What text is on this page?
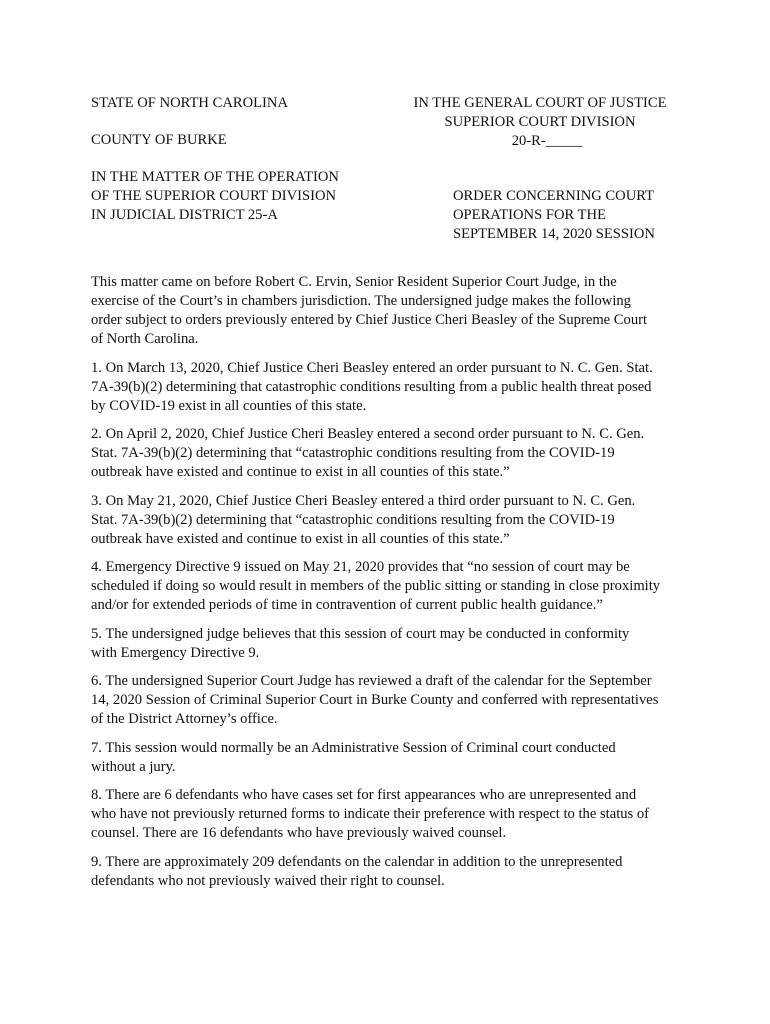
STATE OF NORTH CAROLINA	IN THE GENERAL COURT OF JUSTICE
SUPERIOR COURT DIVISION
20-R-_____
COUNTY OF BURKE
IN THE MATTER OF THE OPERATION
OF THE SUPERIOR COURT DIVISION
IN JUDICIAL DISTRICT 25-A
ORDER CONCERNING COURT
OPERATIONS FOR THE
SEPTEMBER 14, 2020 SESSION

This matter came on before Robert C. Ervin, Senior Resident Superior Court Judge, in the
exercise of the Court’s in chambers jurisdiction. The undersigned judge makes the following
order subject to orders previously entered by Chief Justice Cheri Beasley of the Supreme Court
of North Carolina.

1. On March 13, 2020, Chief Justice Cheri Beasley entered an order pursuant to N. C. Gen. Stat.
7A-39(b)(2) determining that catastrophic conditions resulting from a public health threat posed
by COVID-19 exist in all counties of this state.

2. On April 2, 2020, Chief Justice Cheri Beasley entered a second order pursuant to N. C. Gen.
Stat. 7A-39(b)(2) determining that “catastrophic conditions resulting from the COVID-19
outbreak have existed and continue to exist in all counties of this state.”

3. On May 21, 2020, Chief Justice Cheri Beasley entered a third order pursuant to N. C. Gen.
Stat. 7A-39(b)(2) determining that “catastrophic conditions resulting from the COVID-19
outbreak have existed and continue to exist in all counties of this state.”

4. Emergency Directive 9 issued on May 21, 2020 provides that “no session of court may be
scheduled if doing so would result in members of the public sitting or standing in close proximity
and/or for extended periods of time in contravention of current public health guidance.”

5. The undersigned judge believes that this session of court may be conducted in conformity
with Emergency Directive 9.

6. The undersigned Superior Court Judge has reviewed a draft of the calendar for the September
14, 2020 Session of Criminal Superior Court in Burke County and conferred with representatives
of the District Attorney’s office.

7. This session would normally be an Administrative Session of Criminal court conducted
without a jury.

8. There are 6 defendants who have cases set for first appearances who are unrepresented and
who have not previously returned forms to indicate their preference with respect to the status of
counsel. There are 16 defendants who have previously waived counsel.

9. There are approximately 209 defendants on the calendar in addition to the unrepresented
defendants who not previously waived their right to counsel.
